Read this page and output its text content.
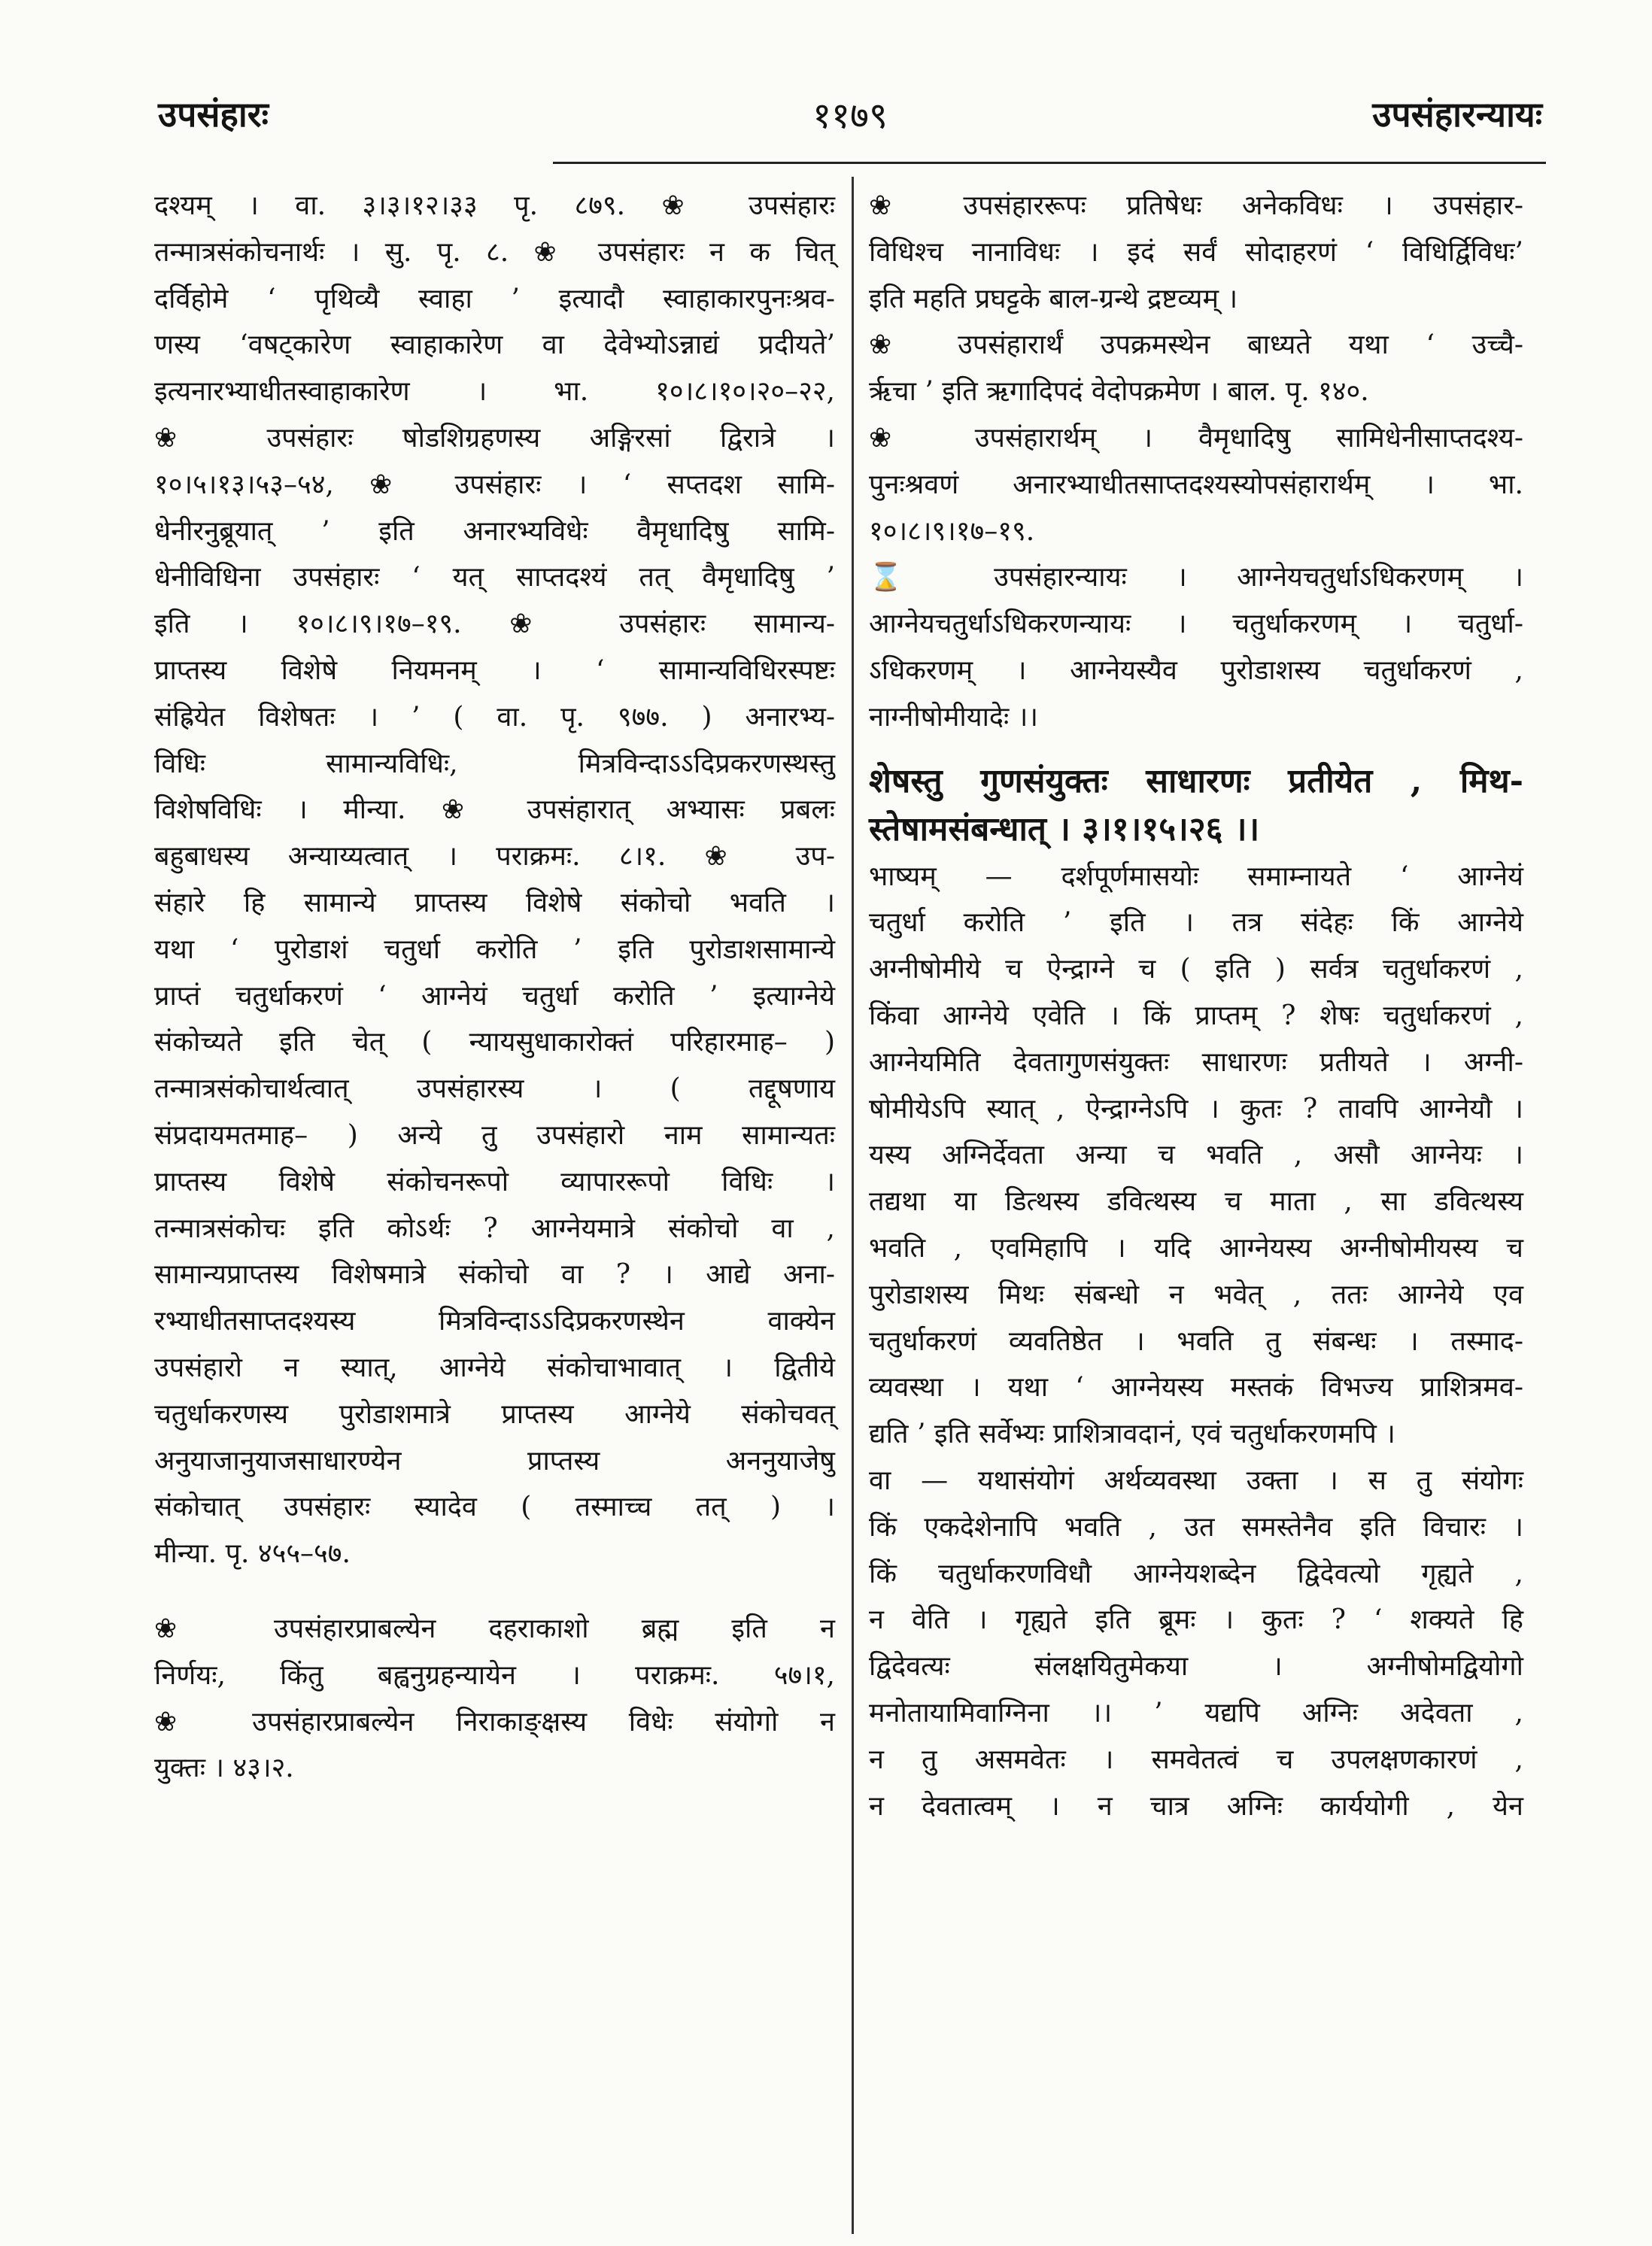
उपसंहारः	११७९	उपसंहारन्यायः

दश्यम् । वा. ३।३।१२।३३ पृ. ८७९. ❀ उपसंहारः

तन्मात्रसंकोचनार्थः । सु. पृ. ८. ❀ उपसंहारः न क चित्

दर्विहोमे ‘ पृथिव्यै स्वाहा ’ इत्यादौ स्वाहाकारपुनःश्रव-

णस्य ‘वषट्कारेण स्वाहाकारेण वा देवेभ्योऽन्नाद्यं प्रदीयते’

इत्यनारभ्याधीतस्वाहाकारेण । भा. १०।८।१०।२०–२२,

❀ उपसंहारः षोडशिग्रहणस्य अङ्गिरसां द्विरात्रे ।

१०।५।१३।५३–५४, ❀ उपसंहारः । ‘ सप्तदश सामि-

धेनीरनुब्रूयात् ’ इति अनारभ्यविधेः वैमृधादिषु सामि-

धेनीविधिना उपसंहारः ‘ यत् साप्तदश्यं तत् वैमृधादिषु ’

इति । १०।८।९।१७–१९. ❀ उपसंहारः सामान्य-

प्राप्तस्य विशेषे नियमनम् । ‘ सामान्यविधिरस्पष्टः

संह्रियेत विशेषतः । ’ ( वा. पृ. ९७७. ) अनारभ्य-

विधिः सामान्यविधिः, मित्रविन्दाऽऽदिप्रकरणस्थस्तु

विशेषविधिः । मीन्या. ❀ उपसंहारात् अभ्यासः प्रबलः

बहुबाधस्य अन्याय्यत्वात् । पराक्रमः. ८।१. ❀ उप-

संहारे हि सामान्ये प्राप्तस्य विशेषे संकोचो भवति ।

यथा ‘ पुरोडाशं चतुर्धा करोति ’ इति पुरोडाशसामान्ये

प्राप्तं चतुर्धाकरणं ‘ आग्नेयं चतुर्धा करोति ’ इत्याग्नेये

संकोच्यते इति चेत् ( न्यायसुधाकारोक्तं परिहारमाह– )

तन्मात्रसंकोचार्थत्वात् उपसंहारस्य । ( तद्दूषणाय

संप्रदायमतमाह– ) अन्ये तु उपसंहारो नाम सामान्यतः

प्राप्तस्य विशेषे संकोचनरूपो व्यापाररूपो विधिः ।

तन्मात्रसंकोचः इति कोऽर्थः ? आग्नेयमात्रे संकोचो वा ,

सामान्यप्राप्तस्य विशेषमात्रे संकोचो वा ? । आद्ये अना-

रभ्याधीतसाप्तदश्यस्य मित्रविन्दाऽऽदिप्रकरणस्थेन वाक्येन

उपसंहारो न स्यात्, आग्नेये संकोचाभावात् । द्वितीये

चतुर्धाकरणस्य पुरोडाशमात्रे प्राप्तस्य आग्नेये संकोचवत्

अनुयाजानुयाजसाधारण्येन प्राप्तस्य अननुयाजेषु

संकोचात् उपसंहारः स्यादेव ( तस्माच्च तत् ) ।

मीन्या. पृ. ४५५–५७.

❀ उपसंहारप्राबल्येन दहराकाशो ब्रह्म इति न

निर्णयः, किंतु बह्वनुग्रहन्यायेन । पराक्रमः. ५७।१,

❀ उपसंहारप्राबल्येन निराकाङ्क्षस्य विधेः संयोगो न

युक्तः । ४३।२.

❀ उपसंहाररूपः प्रतिषेधः अनेकविधः । उपसंहार-

विधिश्च नानाविधः । इदं सर्वं सोदाहरणं ‘ विधिर्द्विविधः’

इति महति प्रघट्टके बाल-ग्रन्थे द्रष्टव्यम् ।

❀ उपसंहारार्थं उपक्रमस्थेन बाध्यते यथा ‘ उच्चै-

र्ऋचा ’ इति ऋगादिपदं वेदोपक्रमेण । बाल. पृ. १४०.

❀ उपसंहारार्थम् । वैमृधादिषु सामिधेनीसाप्तदश्य-

पुनःश्रवणं अनारभ्याधीतसाप्तदश्यस्योपसंहारार्थम् । भा.

१०।८।९।१७–१९.

⌛ उपसंहारन्यायः । आग्नेयचतुर्धाऽधिकरणम् ।

आग्नेयचतुर्धाऽधिकरणन्यायः । चतुर्धाकरणम् । चतुर्धा-

ऽधिकरणम् । आग्नेयस्यैव पुरोडाशस्य चतुर्धाकरणं ,

नाग्नीषोमीयादेः ।।

शेषस्तु गुणसंयुक्तः साधारणः प्रतीयेत , मिथ-

स्तेषामसंबन्धात् । ३।१।१५।२६ ।।

भाष्यम् — दर्शपूर्णमासयोः समाम्नायते ‘ आग्नेयं

चतुर्धा करोति ’ इति । तत्र संदेहः किं आग्नेये

अग्नीषोमीये च ऐन्द्राग्ने च ( इति ) सर्वत्र चतुर्धाकरणं ,

किंवा आग्नेये एवेति । किं प्राप्तम् ? शेषः चतुर्धाकरणं ,

आग्नेयमिति देवतागुणसंयुक्तः साधारणः प्रतीयते । अग्नी-

षोमीयेऽपि स्यात् , ऐन्द्राग्नेऽपि । कुतः ? तावपि आग्नेयौ ।

यस्य अग्निर्देवता अन्या च भवति , असौ आग्नेयः ।

तद्यथा या डित्थस्य डवित्थस्य च माता , सा डवित्थस्य

भवति , एवमिहापि । यदि आग्नेयस्य अग्नीषोमीयस्य च

पुरोडाशस्य मिथः संबन्धो न भवेत् , ततः आग्नेये एव

चतुर्धाकरणं व्यवतिष्ठेत । भवति तु संबन्धः । तस्माद-

व्यवस्था । यथा ‘ आग्नेयस्य मस्तकं विभज्य प्राशित्रमव-

द्यति ’ इति सर्वेभ्यः प्राशित्रावदानं, एवं चतुर्धाकरणमपि ।

वा — यथासंयोगं अर्थव्यवस्था उक्ता । स तु संयोगः

किं एकदेशेनापि भवति , उत समस्तेनैव इति विचारः ।

किं चतुर्धाकरणविधौ आग्नेयशब्देन द्विदेवत्यो गृह्यते ,

न वेति । गृह्यते इति ब्रूमः । कुतः ? ‘ शक्यते हि

द्विदेवत्यः संलक्षयितुमेकया । अग्नीषोमद्वियोगो

मनोतायामिवाग्निना ।। ’ यद्यपि अग्निः अदेवता ,

न तु असमवेतः । समवेतत्वं च उपलक्षणकारणं ,

न देवतात्वम् । न चात्र अग्निः कार्ययोगी , येन
